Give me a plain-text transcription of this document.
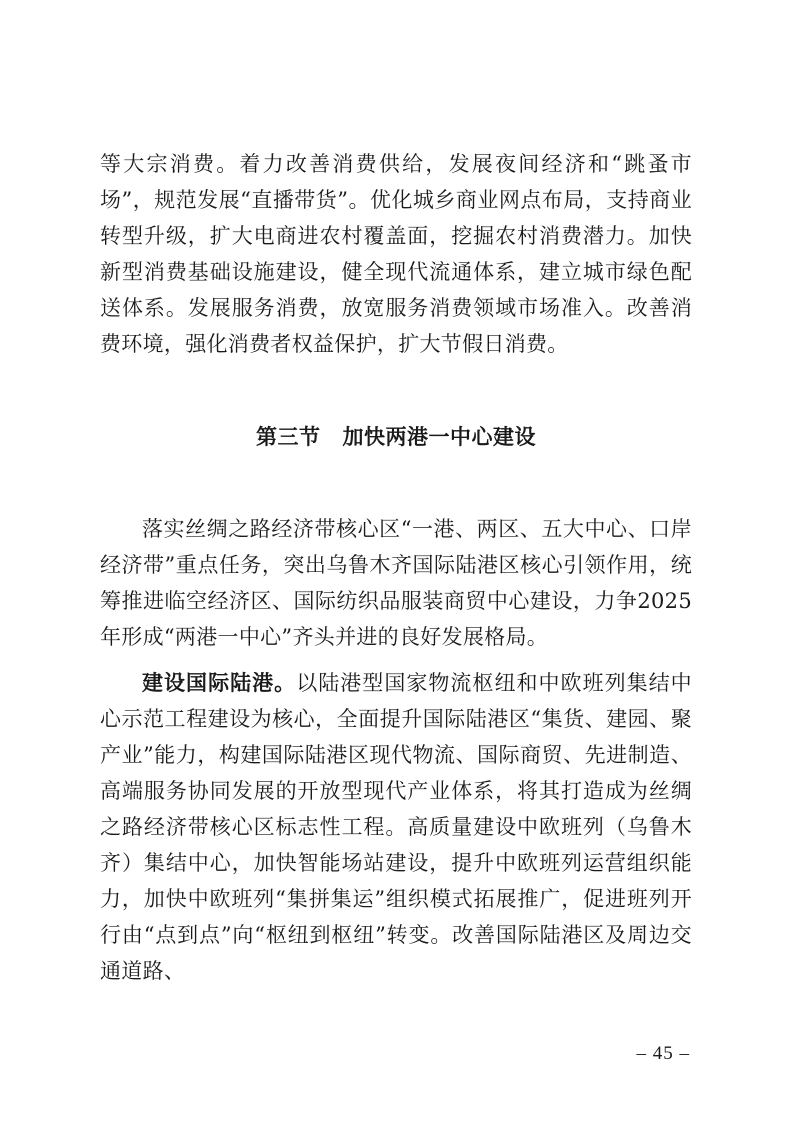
等大宗消费。着力改善消费供给，发展夜间经济和“跳蚤市场”，规范发展“直播带货”。优化城乡商业网点布局，支持商业转型升级，扩大电商进农村覆盖面，挖掘农村消费潜力。加快新型消费基础设施建设，健全现代流通体系，建立城市绿色配送体系。发展服务消费，放宽服务消费领域市场准入。改善消费环境，强化消费者权益保护，扩大节假日消费。

第三节 加快两港一中心建设

落实丝绸之路经济带核心区“一港、两区、五大中心、口岸经济带”重点任务，突出乌鲁木齐国际陆港区核心引领作用，统筹推进临空经济区、国际纺织品服装商贸中心建设，力争2025年形成“两港一中心”齐头并进的良好发展格局。

建设国际陆港。以陆港型国家物流枢纽和中欧班列集结中心示范工程建设为核心，全面提升国际陆港区“集货、建园、聚产业”能力，构建国际陆港区现代物流、国际商贸、先进制造、高端服务协同发展的开放型现代产业体系，将其打造成为丝绸之路经济带核心区标志性工程。高质量建设中欧班列（乌鲁木齐）集结中心，加快智能场站建设，提升中欧班列运营组织能力，加快中欧班列“集拼集运”组织模式拓展推广，促进班列开行由“点到点”向“枢纽到枢纽”转变。改善国际陆港区及周边交通道路、

– 45 –
